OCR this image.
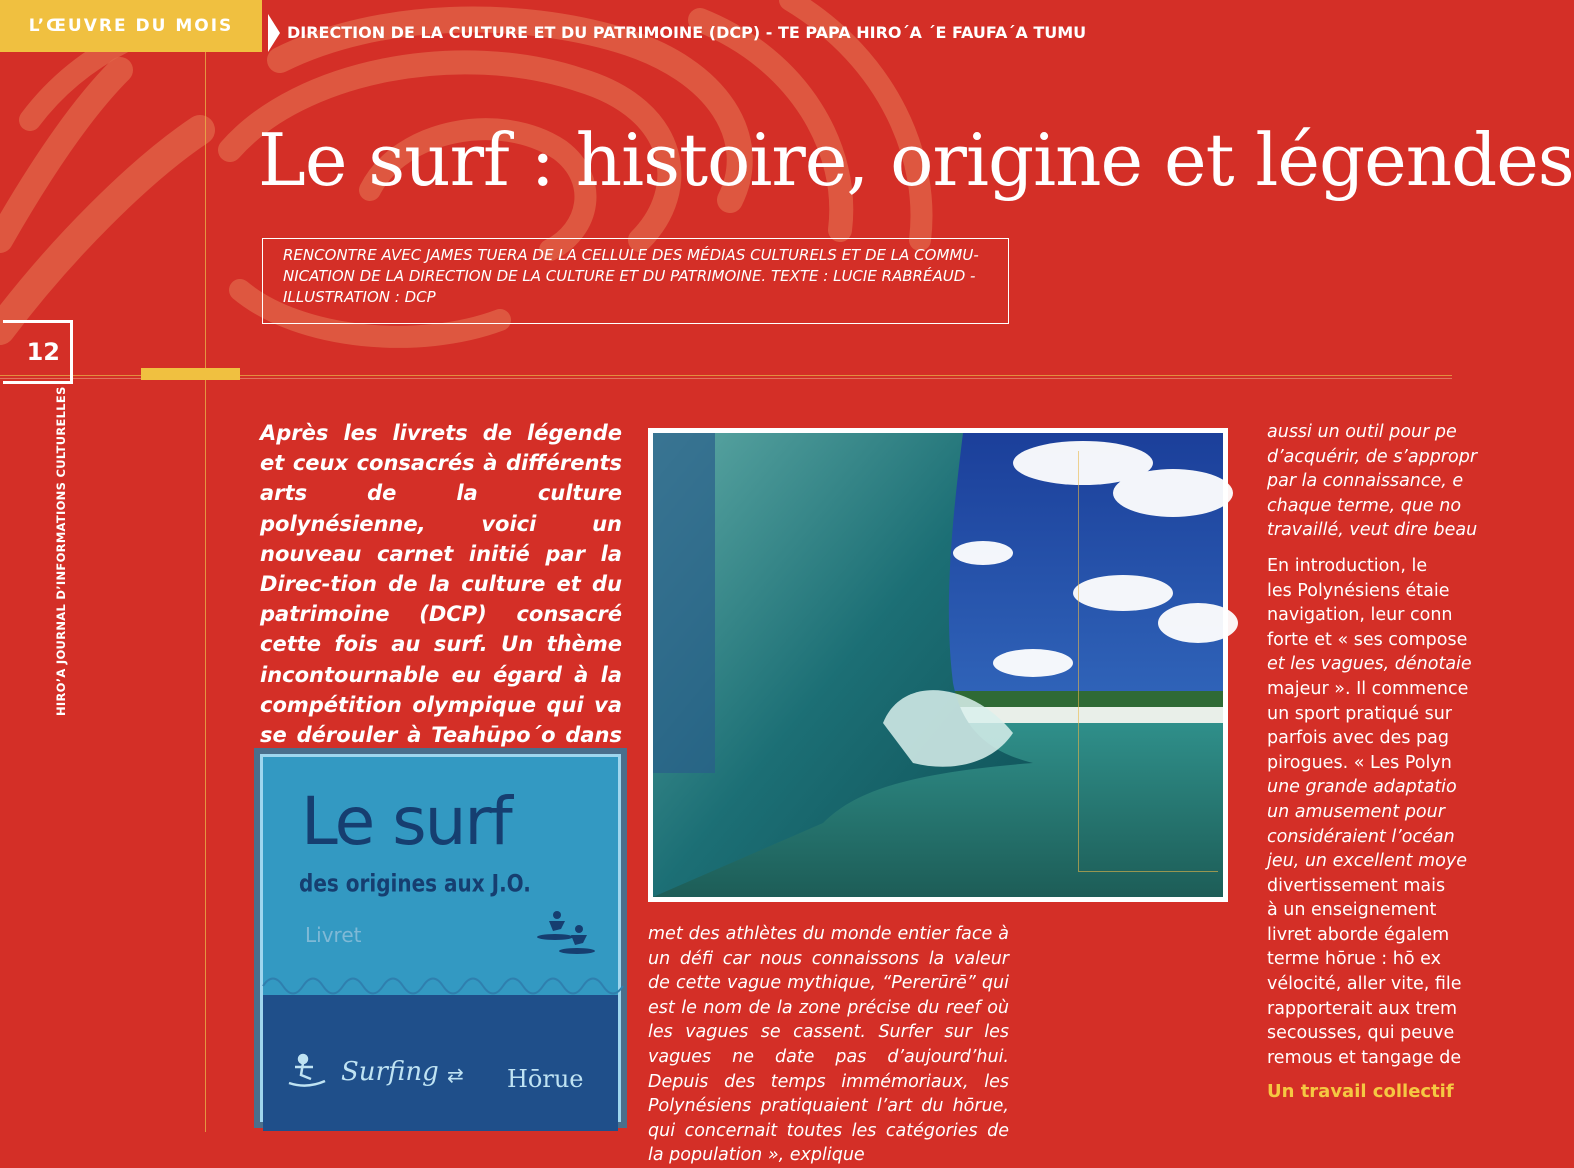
L’ŒUVRE DU MOIS	DIRECTION DE LA CULTURE ET DU PATRIMOINE (DCP) - TE PAPA HIRO´A ´E FAUFA´A TUMU
Le surf : histoire, origine et légendes
RENCONTRE AVEC JAMES TUERA DE LA CELLULE DES MÉDIAS CULTURELS ET DE LA COMMU-NICATION DE LA DIRECTION DE LA CULTURE ET DU PATRIMOINE. TEXTE : LUCIE RABRÉAUD - ILLUSTRATION : DCP
12
HIRO’A JOURNAL D’INFORMATIONS CULTURELLES	Après les livrets de légende et ceux consacrés à différents arts de la culture polynésienne, voici un nouveau carnet initié par la Direc-tion de la culture et du patrimoine (DCP) consacré cette fois au surf. Un thème incontournable eu égard à la compétition olympique qui va se dérouler à Teahūpo´o dans
Le surf
des origines aux J.O.
Livret
Surfing ⇄ Hōrue
met des athlètes du monde entier face à un défi car nous connaissons la valeur de cette vague mythique, “Pererūrē” qui est le nom de la zone précise du reef où les vagues se cassent. Surfer sur les vagues ne date pas d’aujourd’hui. Depuis des temps immémoriaux, les Polynésiens pratiquaient l’art du hōrue, qui concernait toutes les catégories de la population », explique

aussi un outil pour pe

d’acquérir, de s’appropr

par la connaissance, e

chaque terme, que no

travaillé, veut dire beau

En introduction, le

les Polynésiens étaie

navigation, leur conn

forte et « ses compose

et les vagues, dénotaie

majeur ». Il commence

un sport pratiqué sur

parfois avec des pag

pirogues. « Les Polyn

une grande adaptatio

un amusement pour

considéraient l’océan

jeu, un excellent moye

divertissement mais

à un enseignement

livret aborde égalem

terme hōrue : hō ex

vélocité, aller vite, file

rapporterait aux trem

secousses, qui peuve

remous et tangage de

Un travail collectif
